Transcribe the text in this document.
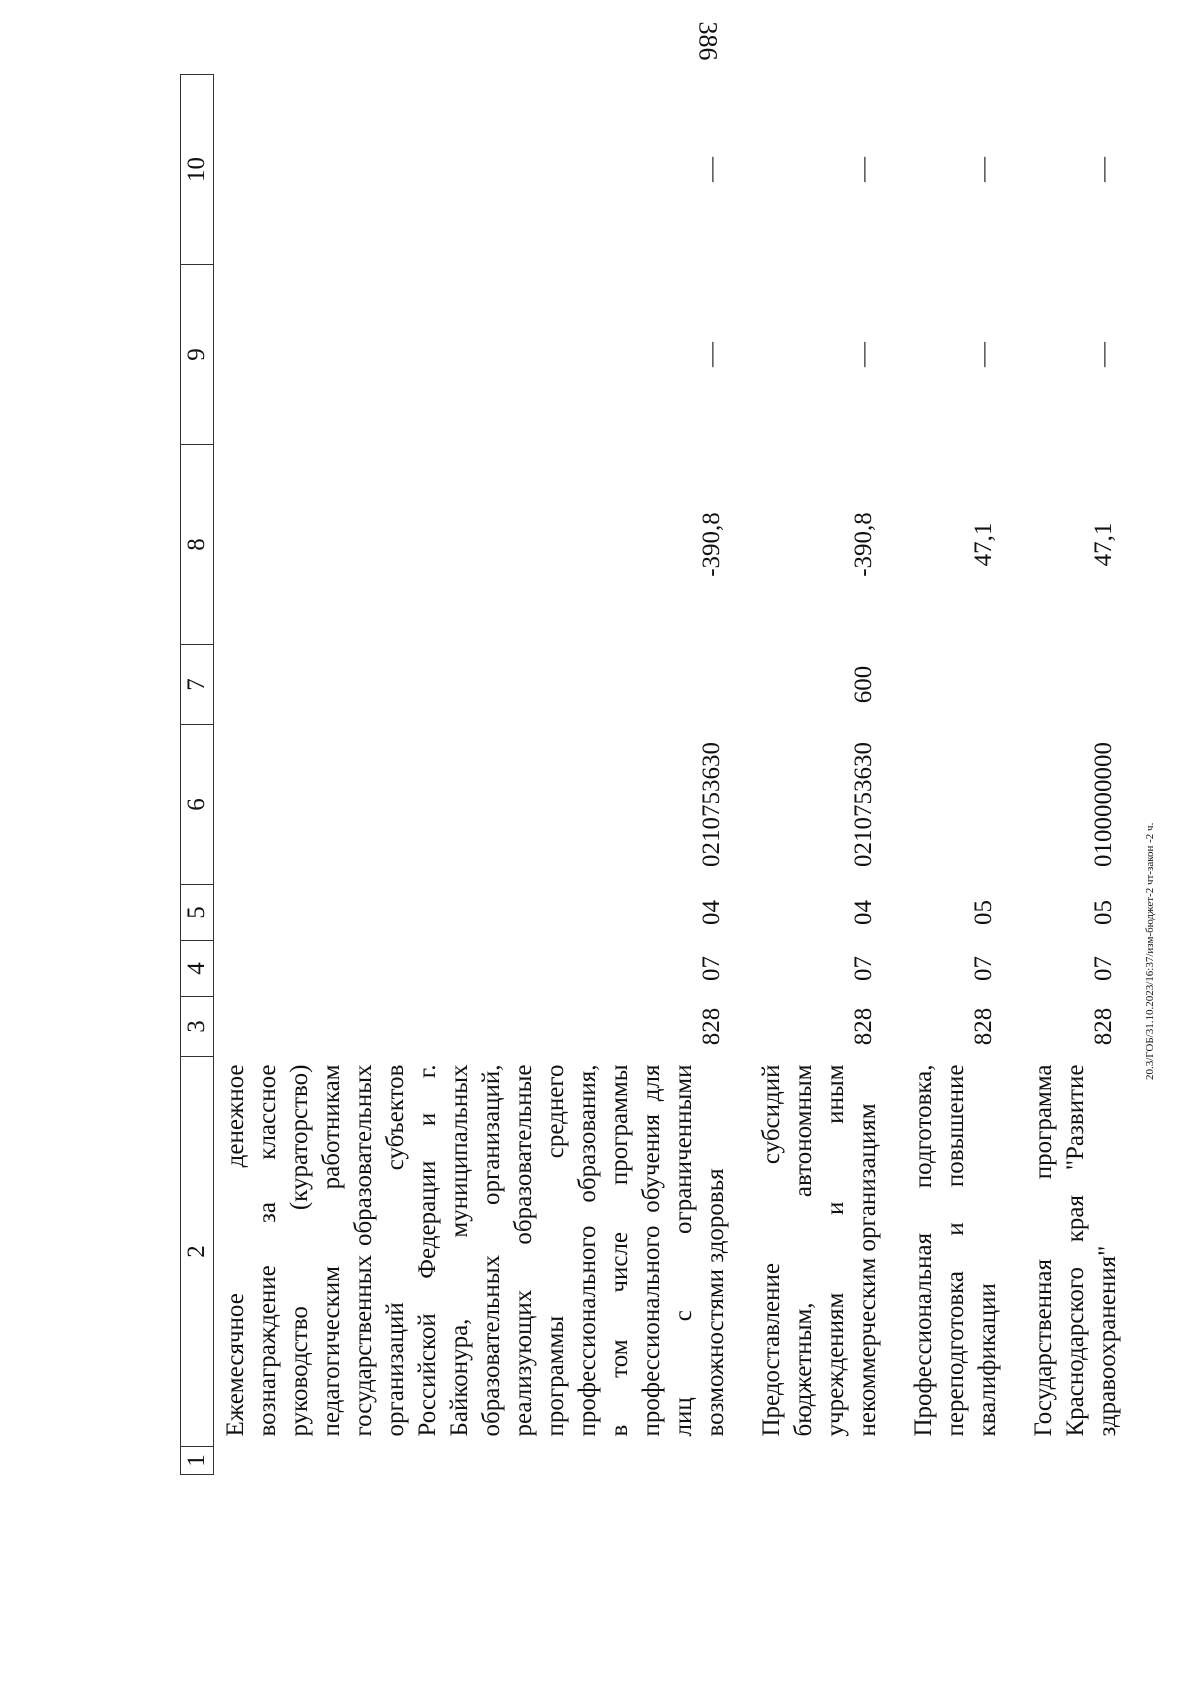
386
1	2	3	4	5	6	7	8	9	10
	Ежемесячное денежное вознаграждение за классное руководство (кураторство) педагогическим работникам государственных образовательных организаций субъектов Российской Федерации и г. Байконура, муниципальных образовательных организаций, реализующих образовательные программы среднего профессионального образования, в том числе программы профессионального обучения для лиц с ограниченными возможностями здоровья	828	07	04	0210753630		-390,8	—	—
	Предоставление субсидий бюджетным, автономным учреждениям и иным некоммерческим организациям	828	07	04	0210753630	600	-390,8	—	—
	Профессиональная подготовка, переподготовка и повышение квалификации	828	07	05			47,1	—	—
	Государственная программа Краснодарского края "Развитие здравоохранения"	828	07	05	0100000000		47,1	—	—
20.3/ГОБ/31.10.2023/16:37/изм-бюджет-2 чт-закон -2 ч.
